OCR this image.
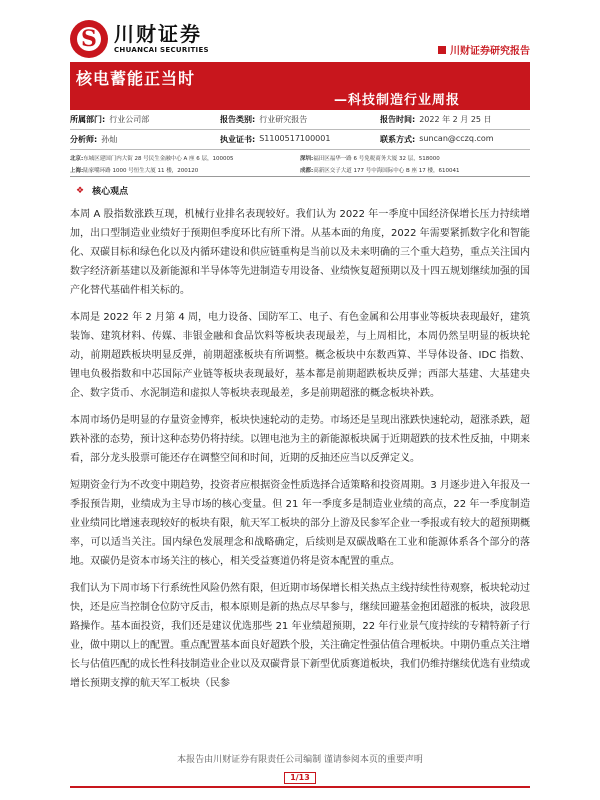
S
川财证券
CHUANCAI SECURITIES	川财证券研究报告
核电蓄能正当时
—科技制造行业周报
所属部门: 行业公司部	报告类别: 行业研究报告	报告时间: 2022 年 2 月 25 日
分析师: 孙灿	执业证书: S1100517100001	联系方式: suncan@cczq.com
北京: 东城区建国门内大街 28 号民生金融中心 A 座 6 层，100005	深圳: 福田区福华一路 6 号免税商务大厦 32 层，518000
上海: 陆家嘴环路 1000 号恒生大厦 11 楼，200120	成都: 高新区交子大道 177 号中海国际中心 B 座 17 楼，610041
❖ 核心观点

本周 A 股指数涨跌互现，机械行业排名表现较好。我们认为 2022 年一季度中国经济保增长压力持续增加，出口型制造业业绩好于预期但季度环比有所下滑。从基本面的角度，2022 年需要紧抓数字化和智能化、双碳目标和绿色化以及内循环建设和供应链重构是当前以及未来明确的三个重大趋势，重点关注国内数字经济新基建以及新能源和半导体等先进制造专用设备、业绩恢复超预期以及十四五规划继续加强的国产化替代基础件相关标的。

本周是 2022 年 2 月第 4 周，电力设备、国防军工、电子、有色金属和公用事业等板块表现最好，建筑装饰、建筑材料、传媒、非银金融和食品饮料等板块表现最差，与上周相比，本周仍然呈明显的板块轮动，前期超跌板块明显反弹，前期超涨板块有所调整。概念板块中东数西算、半导体设备、IDC 指数、锂电负极指数和中芯国际产业链等板块表现最好，基本都是前期超跌板块反弹；西部大基建、大基建央企、数字货币、水泥制造和虚拟人等板块表现最差，多是前期超涨的概念板块补跌。

本周市场仍是明显的存量资金博弈，板块快速轮动的走势。市场还是呈现出涨跌快速轮动，超涨杀跌，超跌补涨的态势，预计这种态势仍将持续。以锂电池为主的新能源板块属于近期超跌的技术性反抽，中期来看，部分龙头股票可能还存在调整空间和时间，近期的反抽还应当以反弹定义。

短期资金行为不改变中期趋势，投资者应根据资金性质选择合适策略和投资周期。3 月逐步进入年报及一季报预告期，业绩成为主导市场的核心变量。但 21 年一季度多是制造业业绩的高点，22 年一季度制造业业绩同比增速表现较好的板块有限，航天军工板块的部分上游及民参军企业一季报或有较大的超预期概率，可以适当关注。国内绿色发展理念和战略确定，后续则是双碳战略在工业和能源体系各个部分的落地。双碳仍是资本市场关注的核心，相关受益赛道仍将是资本配置的重点。

我们认为下周市场下行系统性风险仍然有限，但近期市场保增长相关热点主线持续性待观察，板块轮动过快，还是应当控制仓位防守反击，根本原则是新的热点尽早参与，继续回避基金抱团超涨的板块，波段思路操作。基本面投资，我们还是建议优选那些 21 年业绩超预期，22 年行业景气度持续的专精特新子行业，做中期以上的配置。重点配置基本面良好超跌个股，关注确定性强估值合理板块。中期仍重点关注增长与估值匹配的成长性科技制造业企业以及双碳背景下新型优质赛道板块，我们仍维持继续优选有业绩或增长预期支撑的航天军工板块（民参

本报告由川财证券有限责任公司编制 谨请参阅本页的重要声明
1/13
